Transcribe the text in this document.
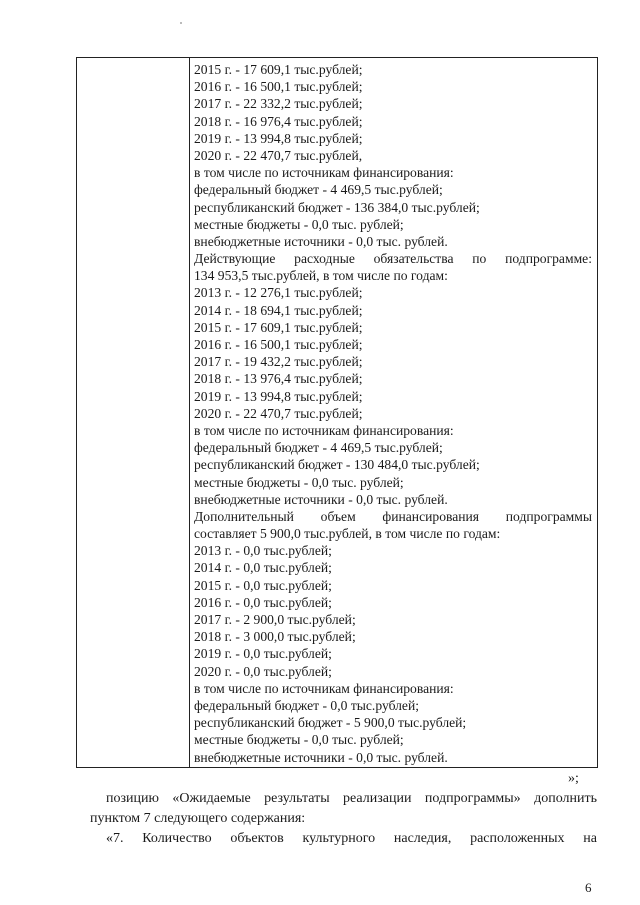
2015 г. - 17 609,1 тыс.рублей;
2016 г. - 16 500,1 тыс.рублей;
2017 г. - 22 332,2 тыс.рублей;
2018 г. - 16 976,4 тыс.рублей;
2019 г. - 13 994,8 тыс.рублей;
2020 г. - 22 470,7 тыс.рублей,
в том числе по источникам финансирования:
федеральный бюджет - 4 469,5 тыс.рублей;
республиканский бюджет - 136 384,0 тыс.рублей;
местные бюджеты - 0,0 тыс. рублей;
внебюджетные источники - 0,0 тыс. рублей.
Действующие расходные обязательства по подпрограмме:
134 953,5 тыс.рублей, в том числе по годам:
2013 г. - 12 276,1 тыс.рублей;
2014 г. - 18 694,1 тыс.рублей;
2015 г. - 17 609,1 тыс.рублей;
2016 г. - 16 500,1 тыс.рублей;
2017 г. - 19 432,2 тыс.рублей;
2018 г. - 13 976,4 тыс.рублей;
2019 г. - 13 994,8 тыс.рублей;
2020 г. - 22 470,7 тыс.рублей;
в том числе по источникам финансирования:
федеральный бюджет - 4 469,5 тыс.рублей;
республиканский бюджет - 130 484,0 тыс.рублей;
местные бюджеты - 0,0 тыс. рублей;
внебюджетные источники - 0,0 тыс. рублей.
Дополнительный объем финансирования подпрограммы
составляет 5 900,0 тыс.рублей, в том числе по годам:
2013 г. - 0,0 тыс.рублей;
2014 г. - 0,0 тыс.рублей;
2015 г. - 0,0 тыс.рублей;
2016 г. - 0,0 тыс.рублей;
2017 г. - 2 900,0 тыс.рублей;
2018 г. - 3 000,0 тыс.рублей;
2019 г. - 0,0 тыс.рублей;
2020 г. - 0,0 тыс.рублей;
в том числе по источникам финансирования:
федеральный бюджет - 0,0 тыс.рублей;
республиканский бюджет - 5 900,0 тыс.рублей;
местные бюджеты - 0,0 тыс. рублей;
внебюджетные источники - 0,0 тыс. рублей.
»;
позицию «Ожидаемые результаты реализации подпрограммы» дополнить
пунктом 7 следующего содержания:
«7. Количество объектов культурного наследия, расположенных на
6
